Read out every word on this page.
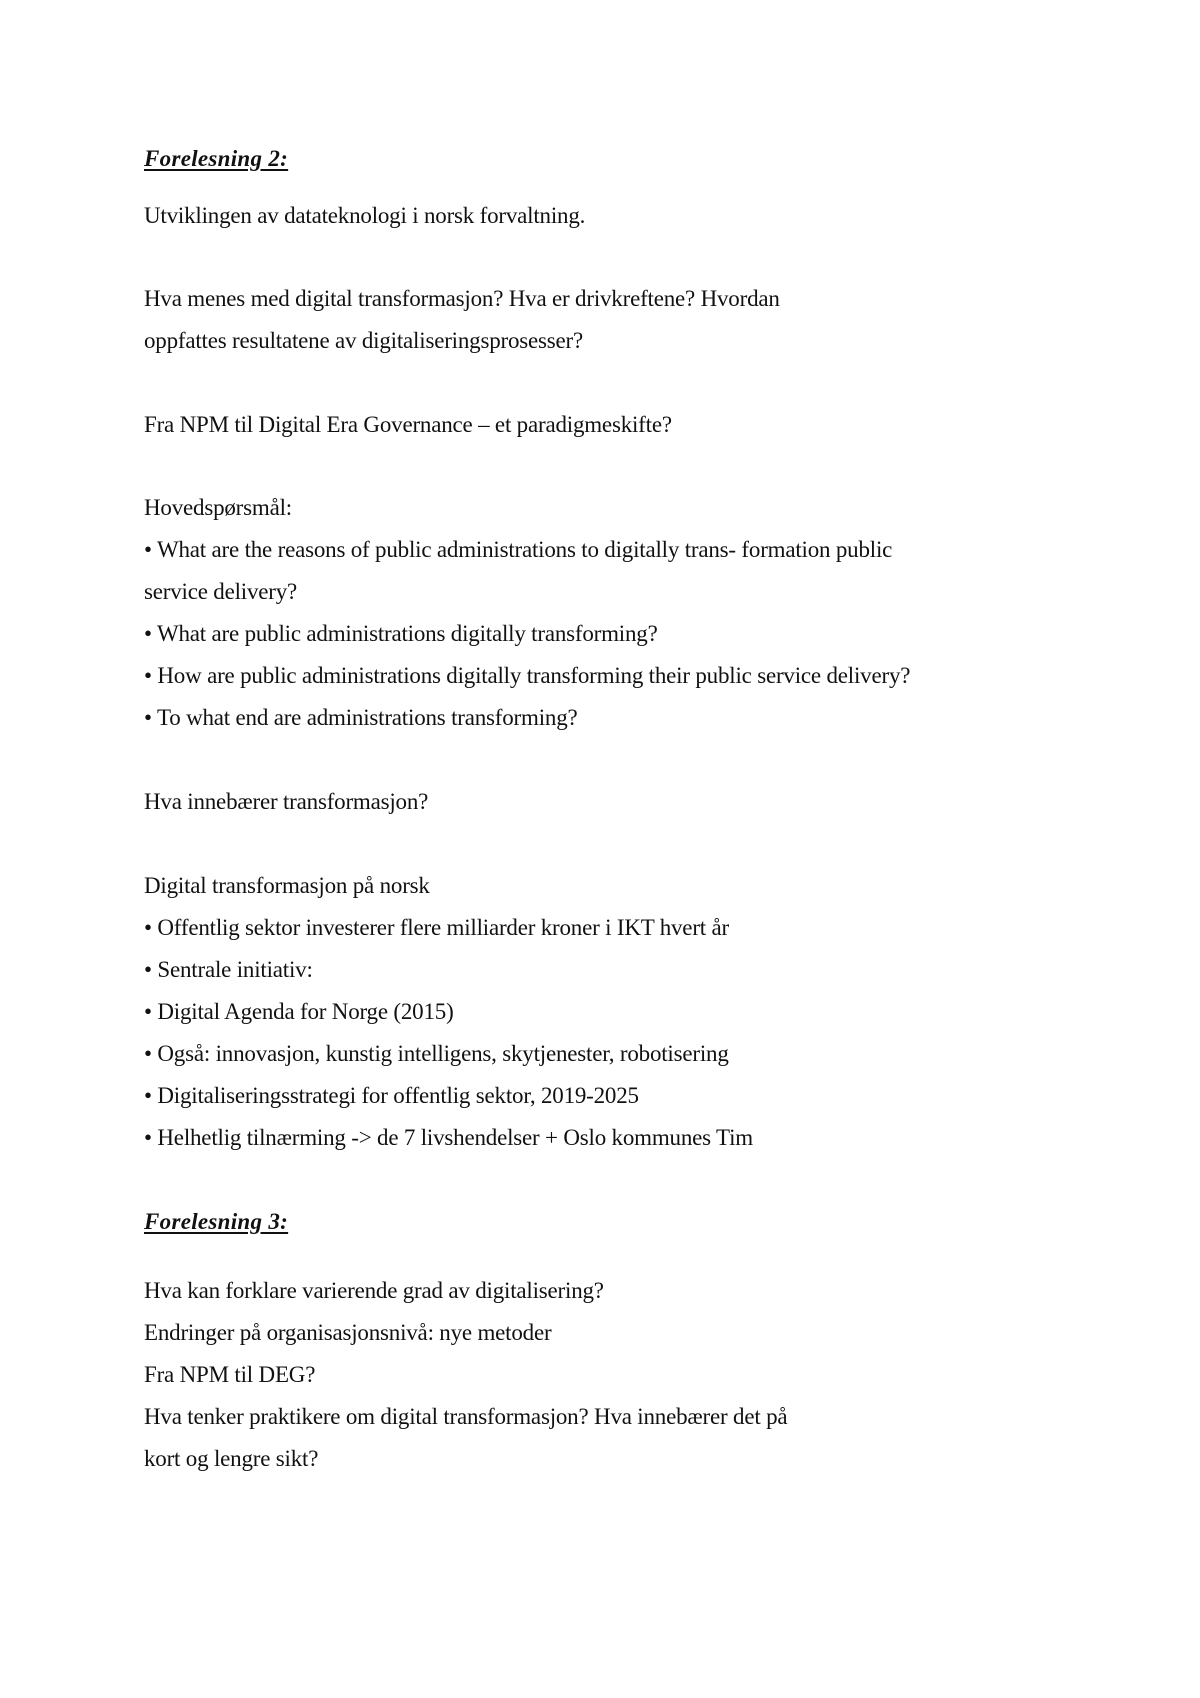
Forelesning 2:
Utviklingen av datateknologi i norsk forvaltning.
Hva menes med digital transformasjon? Hva er drivkreftene? Hvordan
oppfattes resultatene av digitaliseringsprosesser?
Fra NPM til Digital Era Governance – et paradigmeskifte?
Hovedspørsmål:
• What are the reasons of public administrations to digitally trans- formation public
service delivery?
• What are public administrations digitally transforming?
• How are public administrations digitally transforming their public service delivery?
• To what end are administrations transforming?
Hva innebærer transformasjon?
Digital transformasjon på norsk
• Offentlig sektor investerer flere milliarder kroner i IKT hvert år
• Sentrale initiativ:
• Digital Agenda for Norge (2015)
• Også: innovasjon, kunstig intelligens, skytjenester, robotisering
• Digitaliseringsstrategi for offentlig sektor, 2019-2025
• Helhetlig tilnærming -> de 7 livshendelser + Oslo kommunes Tim
Forelesning 3:
Hva kan forklare varierende grad av digitalisering?
Endringer på organisasjonsnivå: nye metoder
Fra NPM til DEG?
Hva tenker praktikere om digital transformasjon? Hva innebærer det på
kort og lengre sikt?
